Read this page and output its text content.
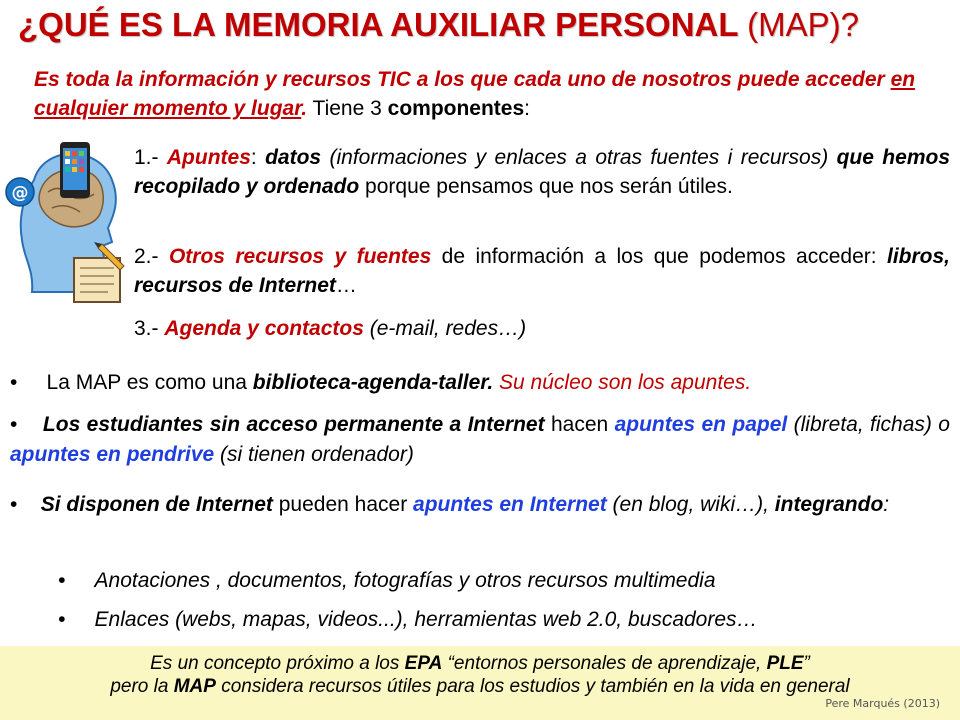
¿QUÉ ES LA MEMORIA AUXILIAR PERSONAL (MAP)?
Es toda la información y recursos TIC a los que cada uno de nosotros puede acceder en cualquier momento y lugar. Tiene 3 componentes:
@
1.- Apuntes: datos (informaciones y enlaces a otras fuentes i recursos) que hemos recopilado y ordenado porque pensamos que nos serán útiles.
2.- Otros recursos y fuentes de información a los que podemos acceder: libros, recursos de Internet…
3.- Agenda y contactos (e-mail, redes…)
• La MAP es como una biblioteca-agenda-taller. Su núcleo son los apuntes.
• Los estudiantes sin acceso permanente a Internet hacen apuntes en papel (libreta, fichas) o apuntes en pendrive (si tienen ordenador)
• Si disponen de Internet pueden hacer apuntes en Internet (en blog, wiki…), integrando:
• Anotaciones , documentos, fotografías y otros recursos multimedia
• Enlaces (webs, mapas, videos...), herramientas web 2.0, buscadores…
Es un concepto próximo a los EPA “entornos personales de aprendizaje, PLE”
pero la MAP considera recursos útiles para los estudios y también en la vida en general
Pere Marqués (2013)
